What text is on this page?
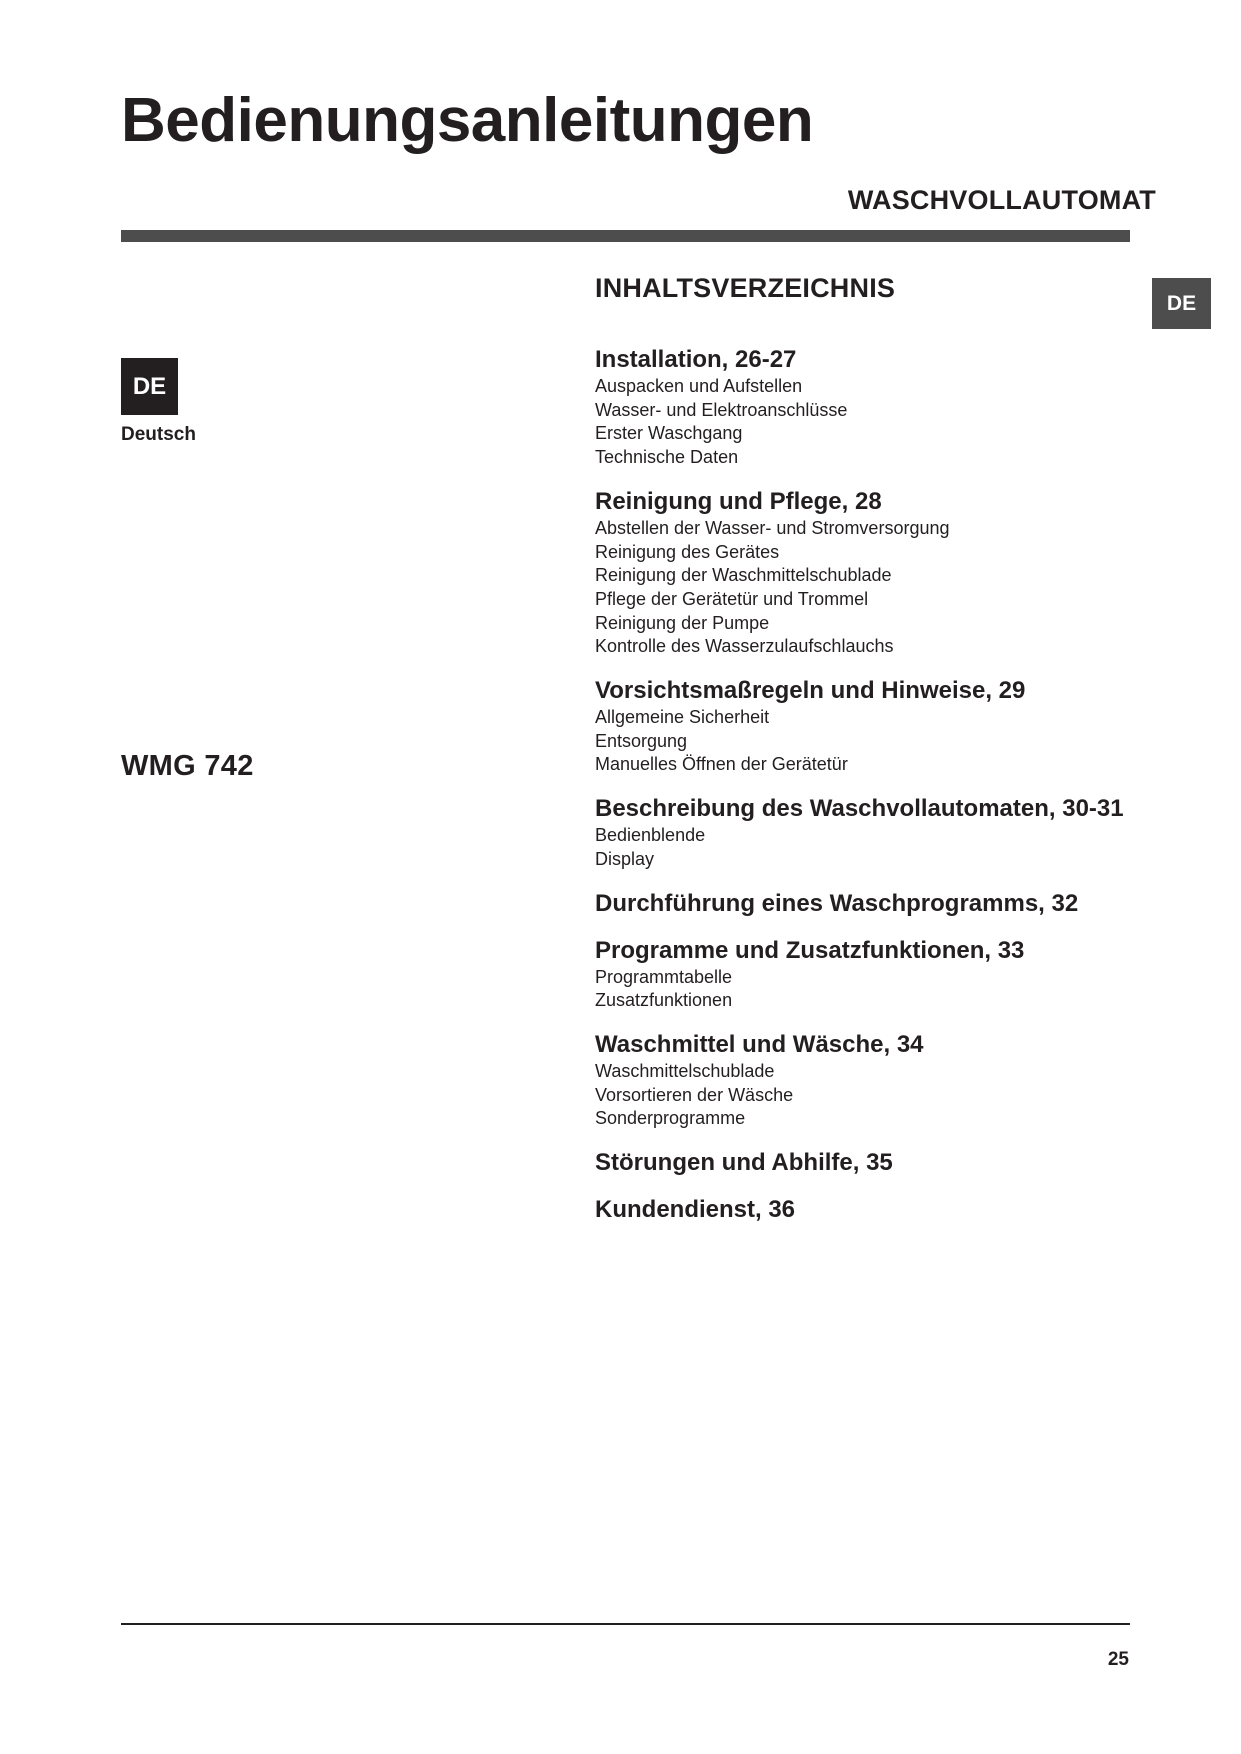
Bedienungsanleitungen
WASCHVOLLAUTOMAT
DE
DE
Deutsch
WMG 742
INHALTSVERZEICHNIS
Installation, 26-27
Auspacken und Aufstellen
Wasser- und Elektroanschlüsse
Erster Waschgang
Technische Daten
Reinigung und Pflege, 28
Abstellen der Wasser- und Stromversorgung
Reinigung des Gerätes
Reinigung der Waschmittelschublade
Pflege der Gerätetür und Trommel
Reinigung der Pumpe
Kontrolle des Wasserzulaufschlauchs
Vorsichtsmaßregeln und Hinweise, 29
Allgemeine Sicherheit
Entsorgung
Manuelles Öffnen der Gerätetür
Beschreibung des Waschvollautomaten, 30-31
Bedienblende
Display
Durchführung eines Waschprogramms, 32
Programme und Zusatzfunktionen, 33
Programmtabelle
Zusatzfunktionen
Waschmittel und Wäsche, 34
Waschmittelschublade
Vorsortieren der Wäsche
Sonderprogramme
Störungen und Abhilfe, 35
Kundendienst, 36
25
